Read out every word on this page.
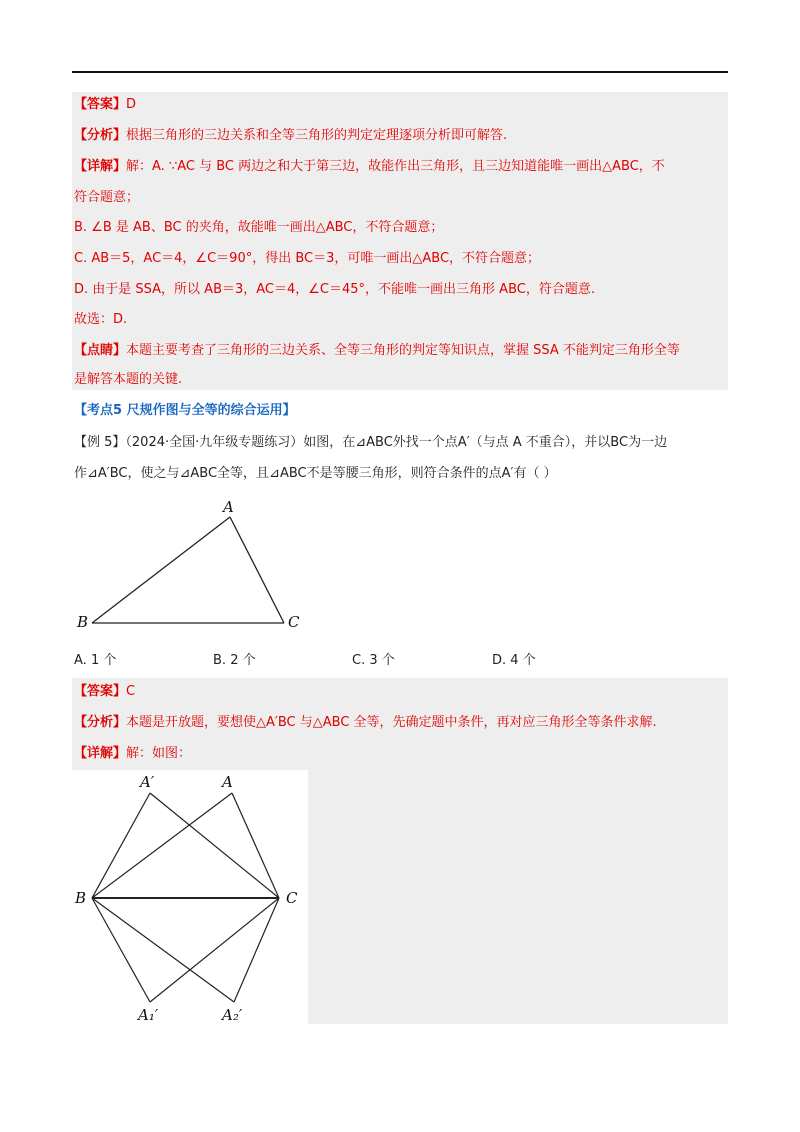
【答案】D
【分析】根据三角形的三边关系和全等三角形的判定定理逐项分析即可解答.
【详解】解：A. ∵AC 与 BC 两边之和大于第三边，故能作出三角形，且三边知道能唯一画出△ABC，不
符合题意；
B. ∠B 是 AB、BC 的夹角，故能唯一画出△ABC，不符合题意；
C. AB＝5，AC＝4，∠C＝90°，得出 BC＝3，可唯一画出△ABC，不符合题意；
D. 由于是 SSA，所以 AB＝3，AC＝4，∠C＝45°，不能唯一画出三角形 ABC，符合题意.
故选：D.
【点睛】本题主要考查了三角形的三边关系、全等三角形的判定等知识点，掌握 SSA 不能判定三角形全等
是解答本题的关键.
【考点5 尺规作图与全等的综合运用】
【例 5】（2024·全国·九年级专题练习）如图，在⊿ABC外找一个点A′（与点 A 不重合），并以BC为一边
作⊿A′BC，使之与⊿ABC全等，且⊿ABC不是等腰三角形，则符合条件的点A′有（ ）
A
B	C
A. 1 个	B. 2 个	C. 3 个	D. 4 个
【答案】C
【分析】本题是开放题，要想使△A′BC 与△ABC 全等，先确定题中条件，再对应三角形全等条件求解.
【详解】解：如图：
A′	A
B	C
A₁′	A₂′
